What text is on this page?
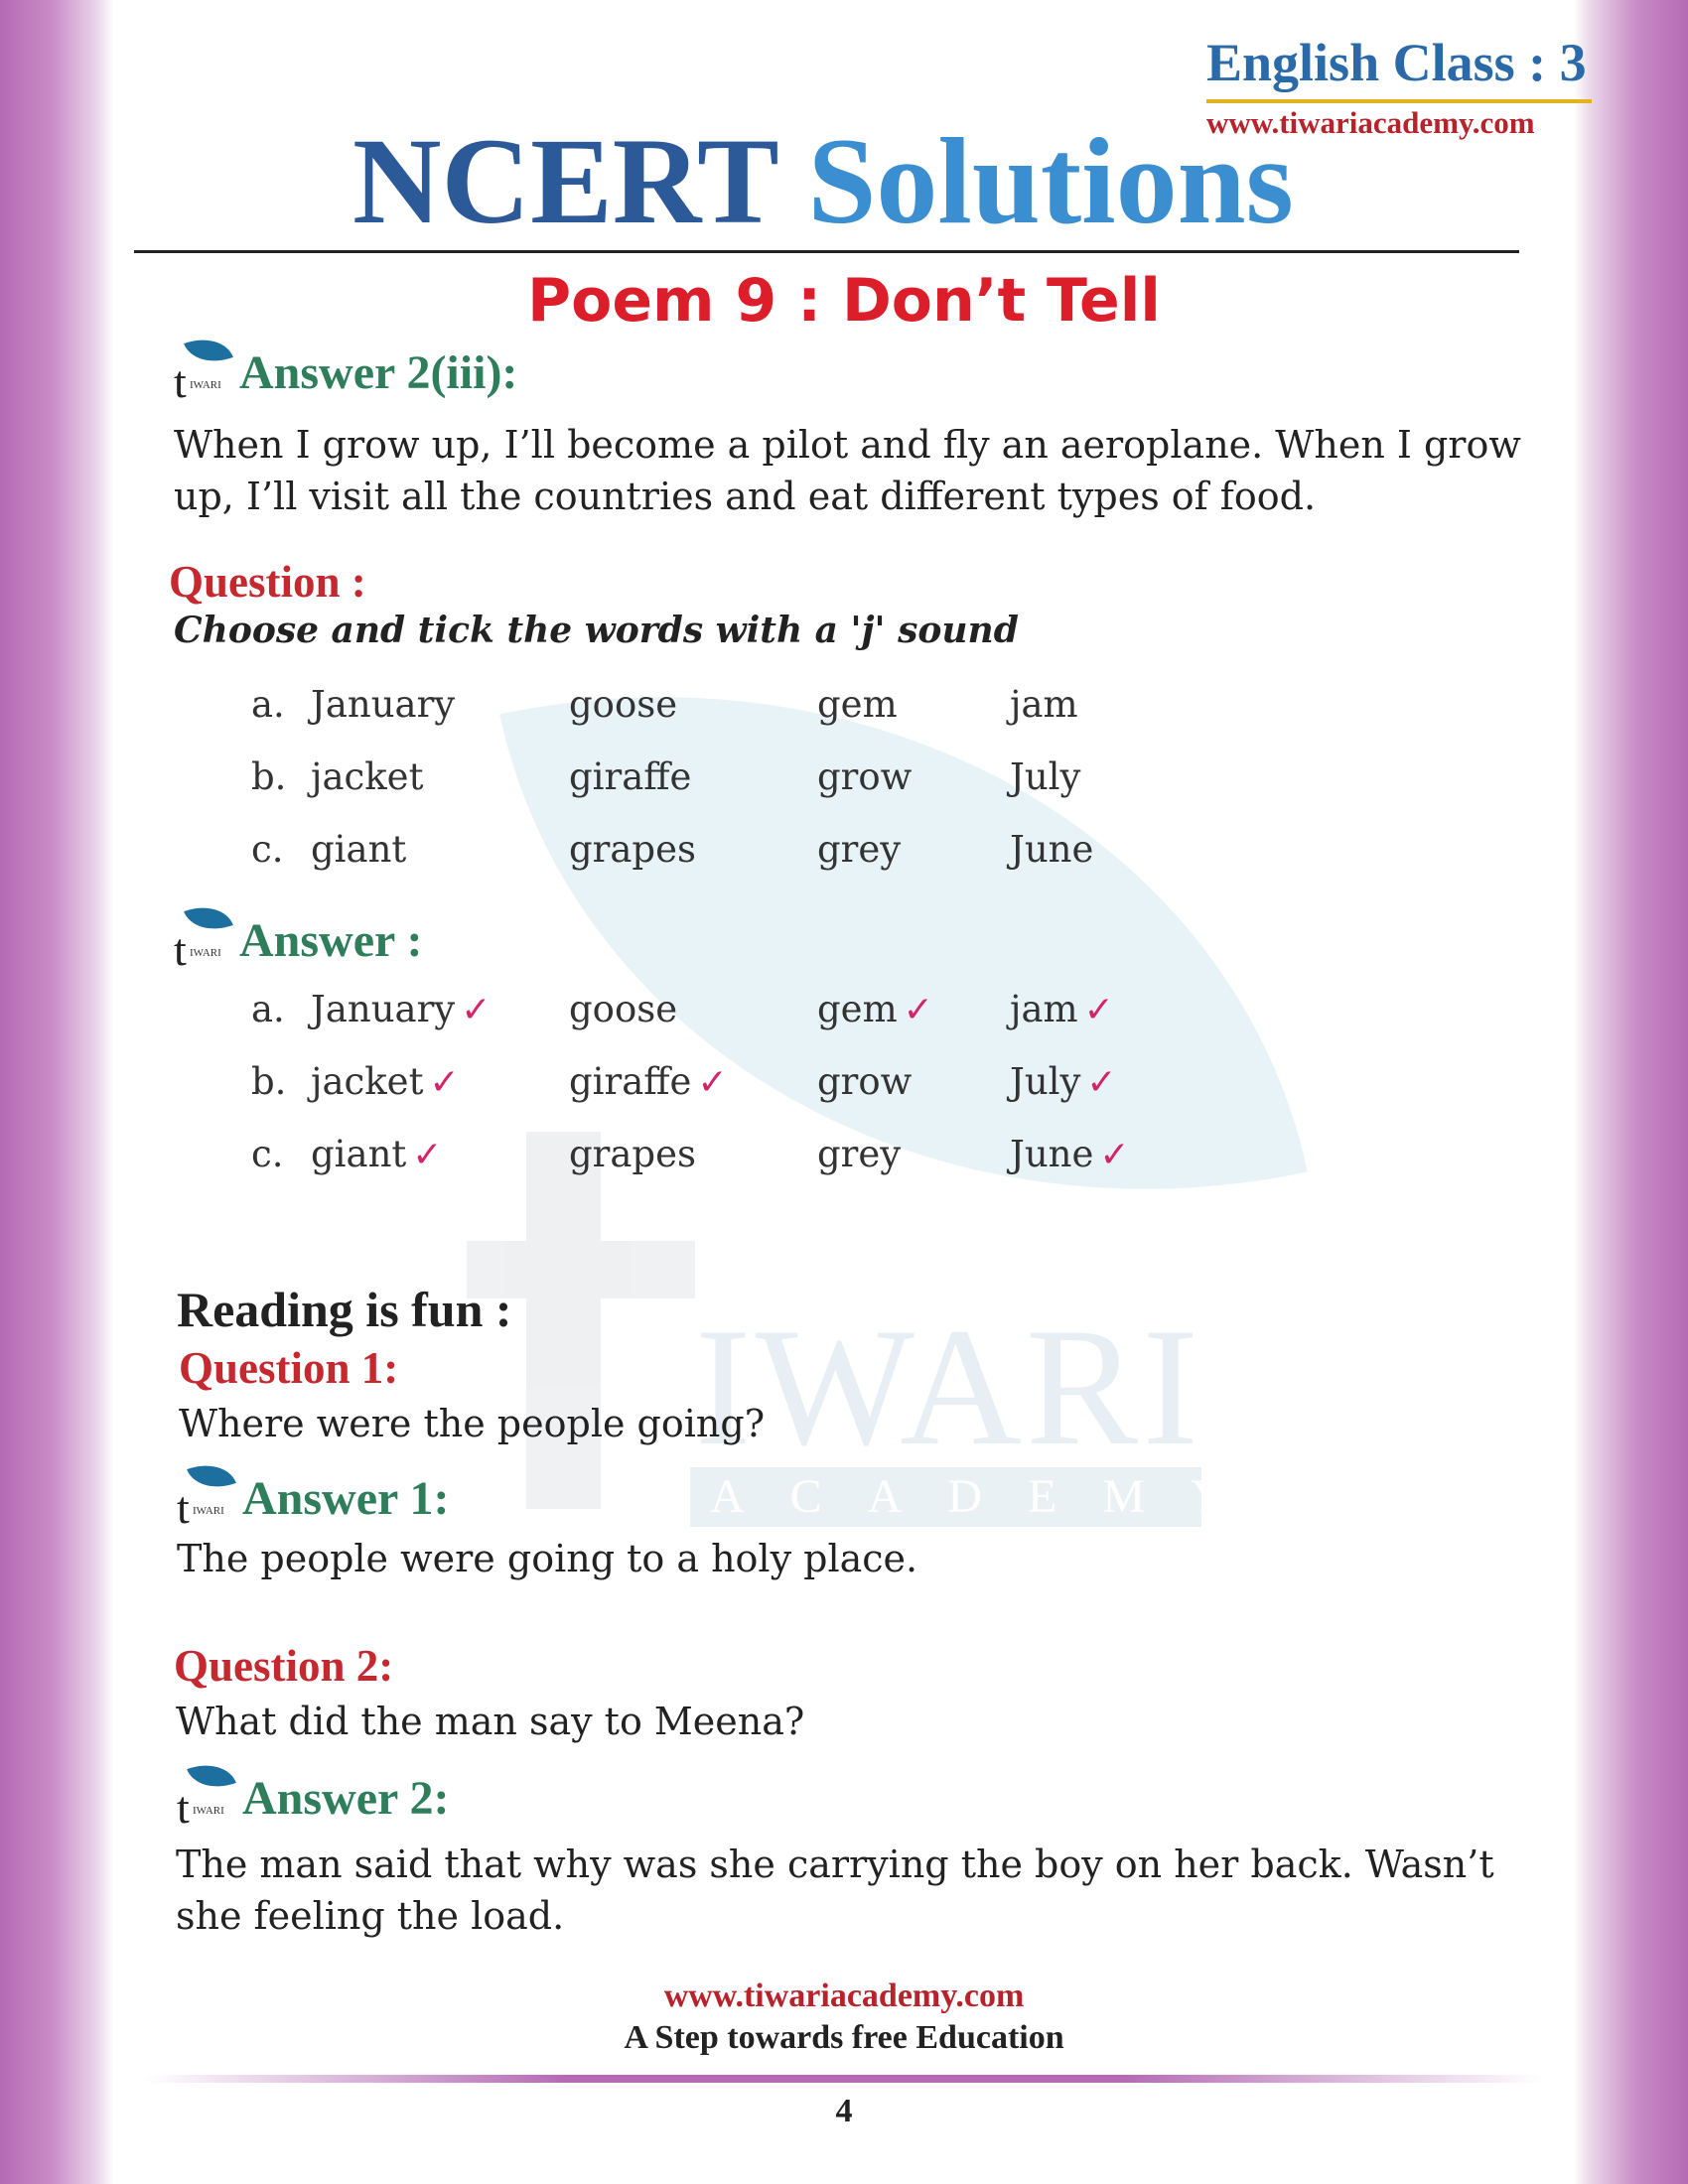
IWARI
ACADEMY
English Class : 3
www.tiwariacademy.com
NCERT Solutions
Poem 9 : Don’t Tell
t IWARI Answer 2(iii):
When I grow up, I’ll become a pilot and fly an aeroplane. When I grow up, I’ll visit all the countries and eat different types of food.
Question :
Choose and tick the words with a 'j' sound
a.	January	goose	gem	jam
b.	jacket	giraffe	grow	July
c.	giant	grapes	grey	June
t IWARI Answer :
a.	January ✓	goose	gem ✓	jam ✓
b.	jacket ✓	giraffe ✓	grow	July ✓
c.	giant ✓	grapes	grey	June ✓
Reading is fun :
Question 1:
Where were the people going?
t IWARI Answer 1:
The people were going to a holy place.
Question 2:
What did the man say to Meena?
t IWARI Answer 2:
The man said that why was she carrying the boy on her back. Wasn’t she feeling the load.
www.tiwariacademy.com
A Step towards free Education
4
